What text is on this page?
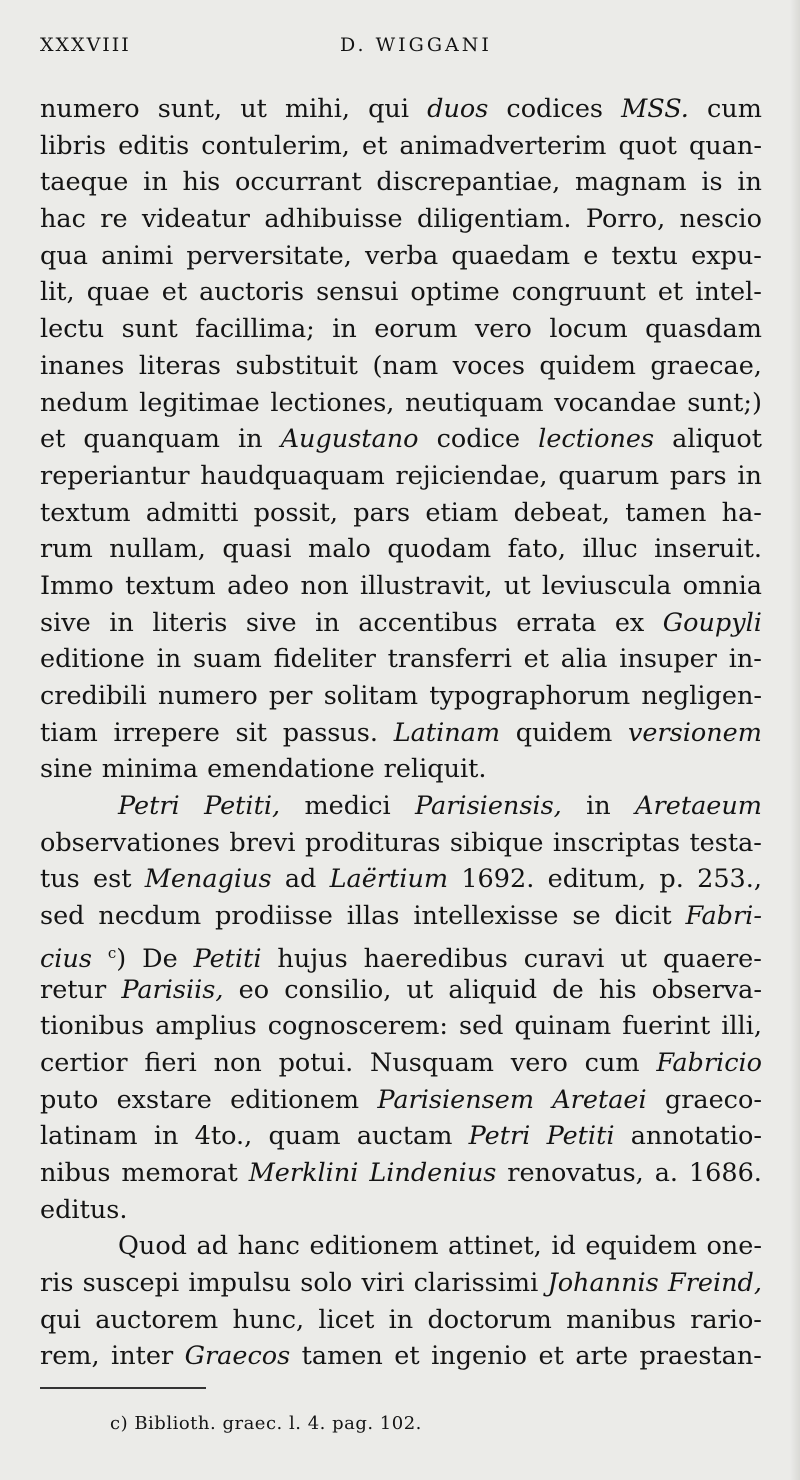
XXXVIII	D. WIGGANI
numero sunt, ut mihi, qui duos codices MSS. cum
libris editis contulerim, et animadverterim quot quan-
taeque in his occurrant discrepantiae, magnam is in
hac re videatur adhibuisse diligentiam. Porro, nescio
qua animi perversitate, verba quaedam e textu expu-
lit, quae et auctoris sensui optime congruunt et intel-
lectu sunt facillima; in eorum vero locum quasdam
inanes literas substituit (nam voces quidem graecae,
nedum legitimae lectiones, neutiquam vocandae sunt;)
et quanquam in Augustano codice lectiones aliquot
reperiantur haudquaquam rejiciendae, quarum pars in
textum admitti possit, pars etiam debeat, tamen ha-
rum nullam, quasi malo quodam fato, illuc inseruit.
Immo textum adeo non illustravit, ut leviuscula omnia
sive in literis sive in accentibus errata ex Goupyli
editione in suam fideliter transferri et alia insuper in-
credibili numero per solitam typographorum negligen-
tiam irrepere sit passus. Latinam quidem versionem
sine minima emendatione reliquit.
Petri Petiti, medici Parisiensis, in Aretaeum
observationes brevi prodituras sibique inscriptas testa-
tus est Menagius ad Laërtium 1692. editum, p. 253.,
sed necdum prodiisse illas intellexisse se dicit Fabri-
cius $^c$) De Petiti hujus haeredibus curavi ut quaere-
retur Parisiis, eo consilio, ut aliquid de his observa-
tionibus amplius cognoscerem: sed quinam fuerint illi,
certior fieri non potui. Nusquam vero cum Fabricio
puto exstare editionem Parisiensem Aretaei graeco-
latinam in 4to., quam auctam Petri Petiti annotatio-
nibus memorat Merklini Lindenius renovatus, a. 1686.
editus.
Quod ad hanc editionem attinet, id equidem one-
ris suscepi impulsu solo viri clarissimi Johannis Freind,
qui auctorem hunc, licet in doctorum manibus rario-
rem, inter Graecos tamen et ingenio et arte praestan-
c) Biblioth. graec. l. 4. pag. 102.
